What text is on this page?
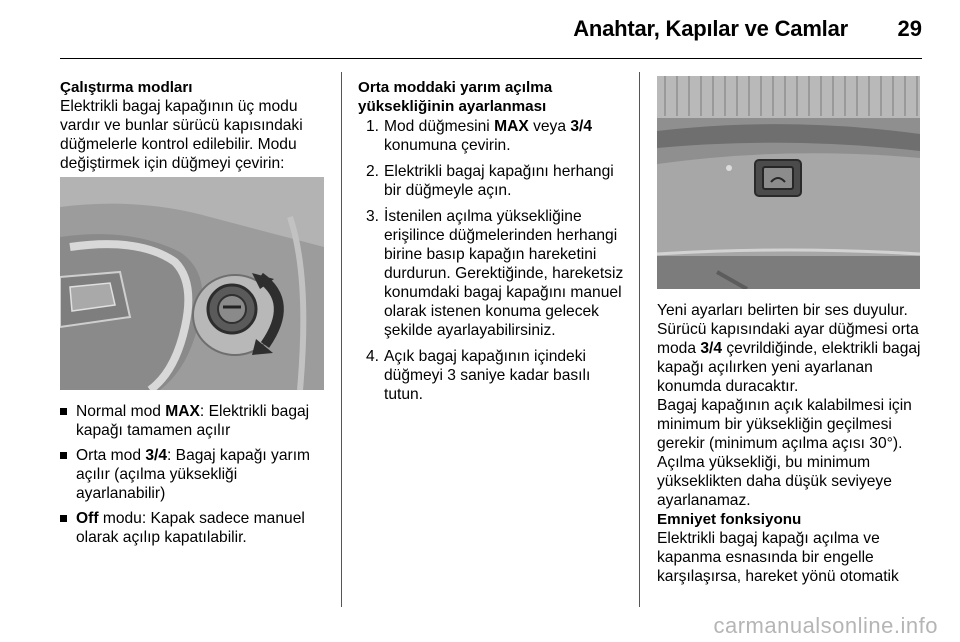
Anahtar, Kapılar ve Camlar 29

Çalıştırma modları

Elektrikli bagaj kapağının üç modu vardır ve bunlar sürücü kapısındaki düğmelerle kontrol edilebilir. Modu değiştirmek için düğmeyi çevirin:

Normal mod MAX: Elektrikli bagaj kapağı tamamen açılır
Orta mod 3/4: Bagaj kapağı yarım açılır (açılma yüksekliği ayarlanabilir)
Off modu: Kapak sadece manuel olarak açılıp kapatılabilir.

Orta moddaki yarım açılma yüksekliğinin ayarlanması

1. Mod düğmesini MAX veya 3/4 konumuna çevirin.
2. Elektrikli bagaj kapağını herhangi bir düğmeyle açın.
3. İstenilen açılma yüksekliğine erişilince düğmelerinden herhangi birine basıp kapağın hareketini durdurun. Gerektiğinde, hareketsiz konumdaki bagaj kapağını manuel olarak istenen konuma gelecek şekilde ayarlayabilirsiniz.
4. Açık bagaj kapağının içindeki düğmeyi 3 saniye kadar basılı tutun.

Yeni ayarları belirten bir ses duyulur.

Sürücü kapısındaki ayar düğmesi orta moda 3/4 çevrildiğinde, elektrikli bagaj kapağı açılırken yeni ayarlanan konumda duracaktır.

Bagaj kapağının açık kalabilmesi için minimum bir yüksekliğin geçilmesi gerekir (minimum açılma açısı 30°). Açılma yüksekliği, bu minimum yükseklikten daha düşük seviyeye ayarlanamaz.

Emniyet fonksiyonu

Elektrikli bagaj kapağı açılma ve kapanma esnasında bir engelle karşılaşırsa, hareket yönü otomatik

carmanualsonline.info
